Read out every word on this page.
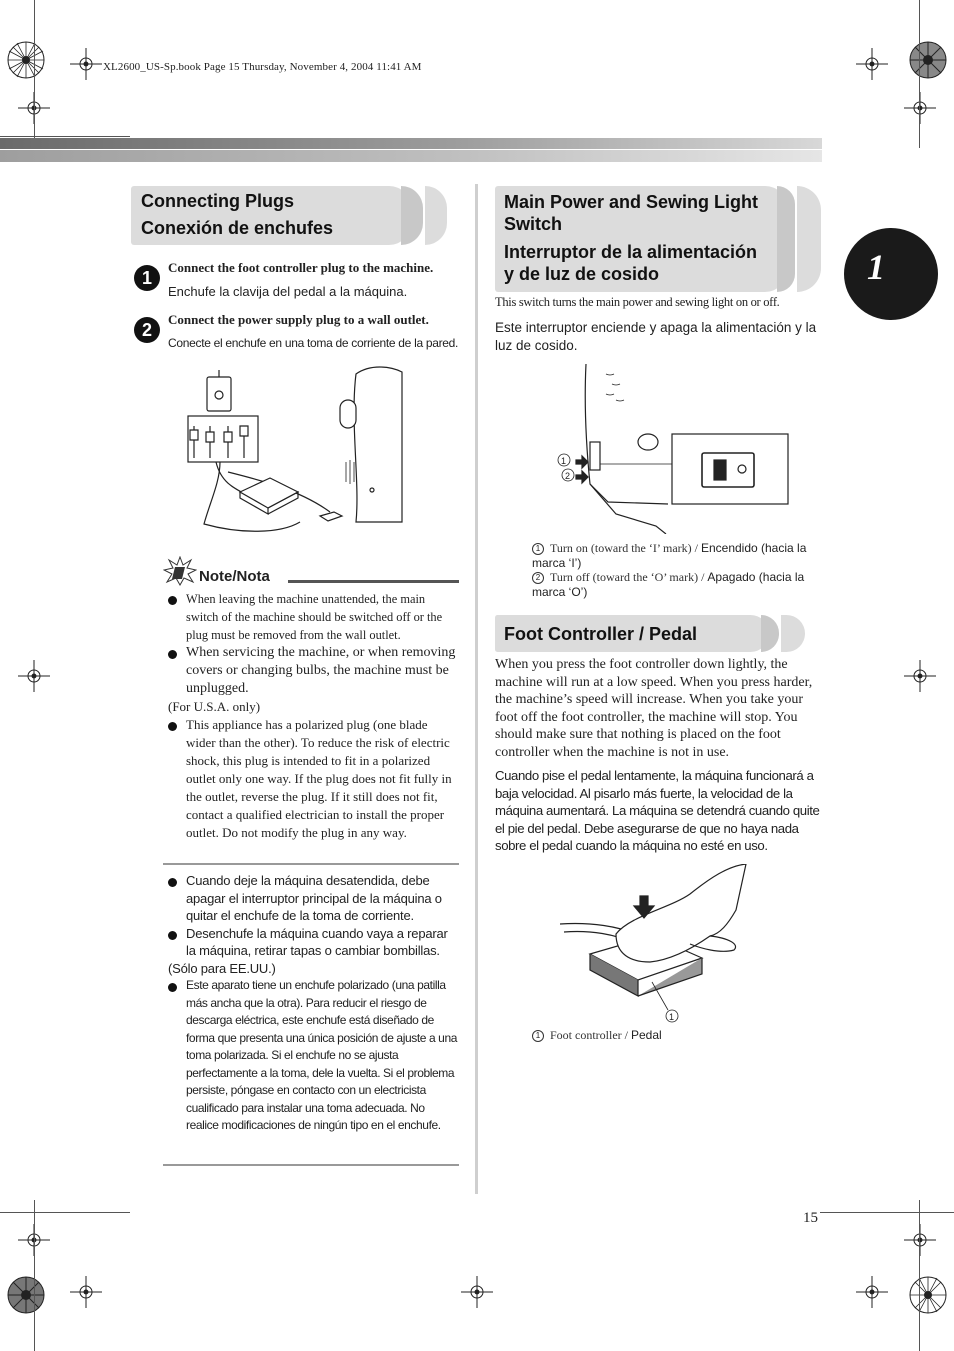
XL2600_US-Sp.book Page 15 Thursday, November 4, 2004 11:41 AM
1
Connecting Plugs
Conexión de enchufes
1
Connect the foot controller plug to the machine.
Enchufe la clavija del pedal a la máquina.
2
Connect the power supply plug to a wall outlet.
Conecte el enchufe en una toma de corriente de la pared.
Note/Nota
When leaving the machine unattended, the main switch of the machine should be switched off or the plug must be removed from the wall outlet.
When servicing the machine, or when removing covers or changing bulbs, the machine must be unplugged.
(For U.S.A. only)
This appliance has a polarized plug (one blade wider than the other). To reduce the risk of electric shock, this plug is intended to fit in a polarized outlet only one way. If the plug does not fit fully in the outlet, reverse the plug. If it still does not fit, contact a qualified electrician to install the proper outlet. Do not modify the plug in any way.
Cuando deje la máquina desatendida, debe apagar el interruptor principal de la máquina o quitar el enchufe de la toma de corriente.
Desenchufe la máquina cuando vaya a reparar la máquina, retirar tapas o cambiar bombillas.
(Sólo para EE.UU.)
Este aparato tiene un enchufe polarizado (una patilla más ancha que la otra). Para reducir el riesgo de descarga eléctrica, este enchufe está diseñado de forma que presenta una única posición de ajuste a una toma polarizada. Si el enchufe no se ajusta perfectamente a la toma, dele la vuelta. Si el problema persiste, póngase en contacto con un electricista cualificado para instalar una toma adecuada. No realice modificaciones de ningún tipo en el enchufe.
Main Power and Sewing Light
Switch
Interruptor de la alimentación
y de luz de cosido

This switch turns the main power and sewing light on or off.

Este interruptor enciende y apaga la alimentación y la luz de cosido.

1
2
1 Turn on (toward the ‘I’ mark) / Encendido (hacia la marca ‘I’)
2 Turn off (toward the ‘O’ mark) / Apagado (hacia la marca ‘O’)
Foot Controller / Pedal

When you press the foot controller down lightly, the machine will run at a low speed. When you press harder, the machine’s speed will increase. When you take your foot off the foot controller, the machine will stop. You should make sure that nothing is placed on the foot controller when the machine is not in use.

Cuando pise el pedal lentamente, la máquina funcionará a baja velocidad. Al pisarlo más fuerte, la velocidad de la máquina aumentará. La máquina se detendrá cuando quite el pie del pedal. Debe asegurarse de que no haya nada sobre el pedal cuando la máquina no esté en uso.

1
1 Foot controller / Pedal
15
